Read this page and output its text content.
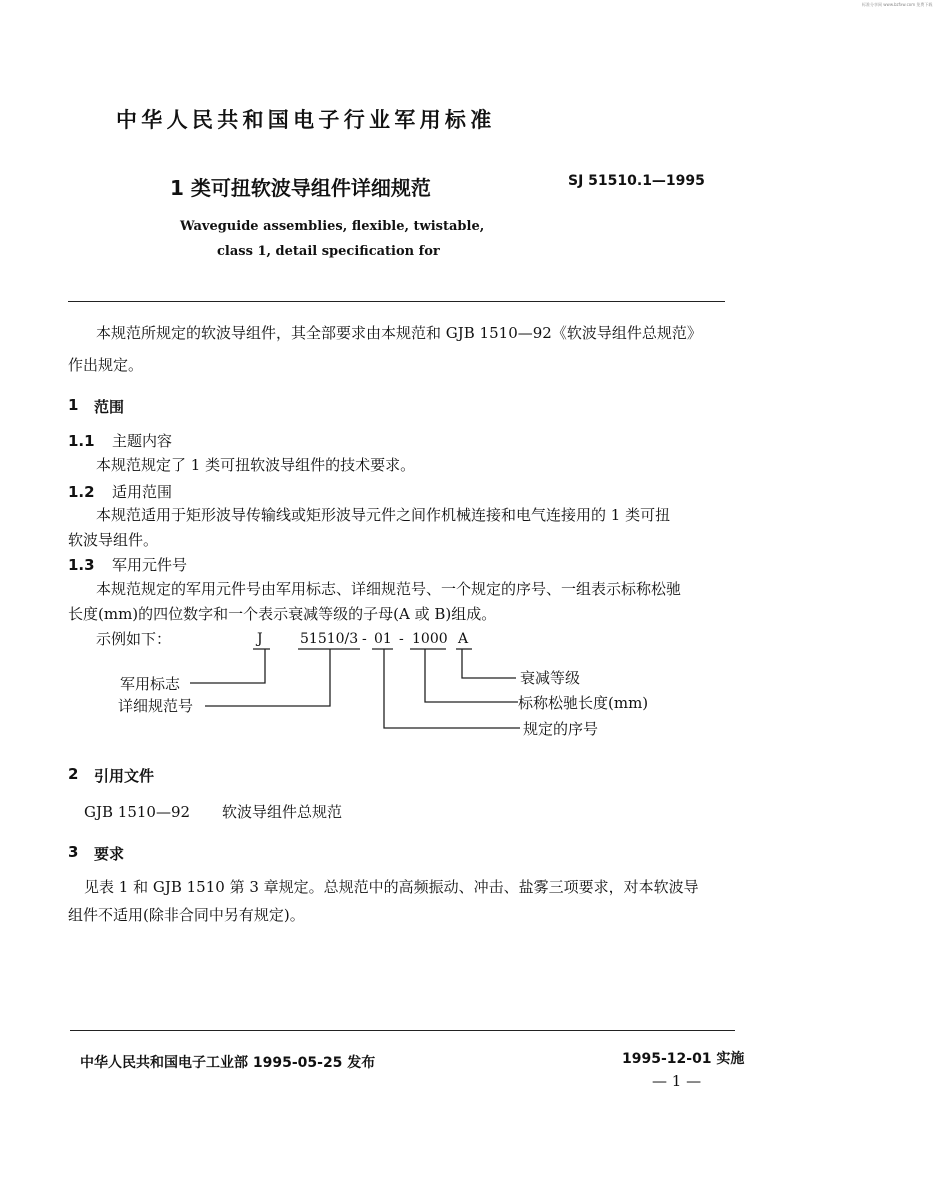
标准分享网 www.bzfxw.com 免费下载
中华人民共和国电子行业军用标准
1 类可扭软波导组件详细规范	SJ 51510.1—1995
Waveguide assemblies, flexible, twistable,
class 1, detail specification for
本规范所规定的软波导组件，其全部要求由本规范和 GJB 1510—92《软波导组件总规范》
作出规定。
1 范围
1.1 主题内容
本规范规定了 1 类可扭软波导组件的技术要求。
1.2 适用范围
本规范适用于矩形波导传输线或矩形波导元件之间作机械连接和电气连接用的 1 类可扭
软波导组件。
1.3 军用元件号
本规范规定的军用元件号由军用标志、详细规范号、一个规定的序号、一组表示标称松驰
长度(mm)的四位数字和一个表示衰减等级的子母(A 或 B)组成。
示例如下：	J	51510/3 - 01 - 1000 A
军用标志
详细规范号
衰减等级
标称松驰长度(mm)
规定的序号
2 引用文件
GJB 1510—92 软波导组件总规范
3 要求
见表 1 和 GJB 1510 第 3 章规定。总规范中的高频振动、冲击、盐雾三项要求，对本软波导
组件不适用(除非合同中另有规定)。
中华人民共和国电子工业部 1995-05-25 发布	1995-12-01 实施
— 1 —
